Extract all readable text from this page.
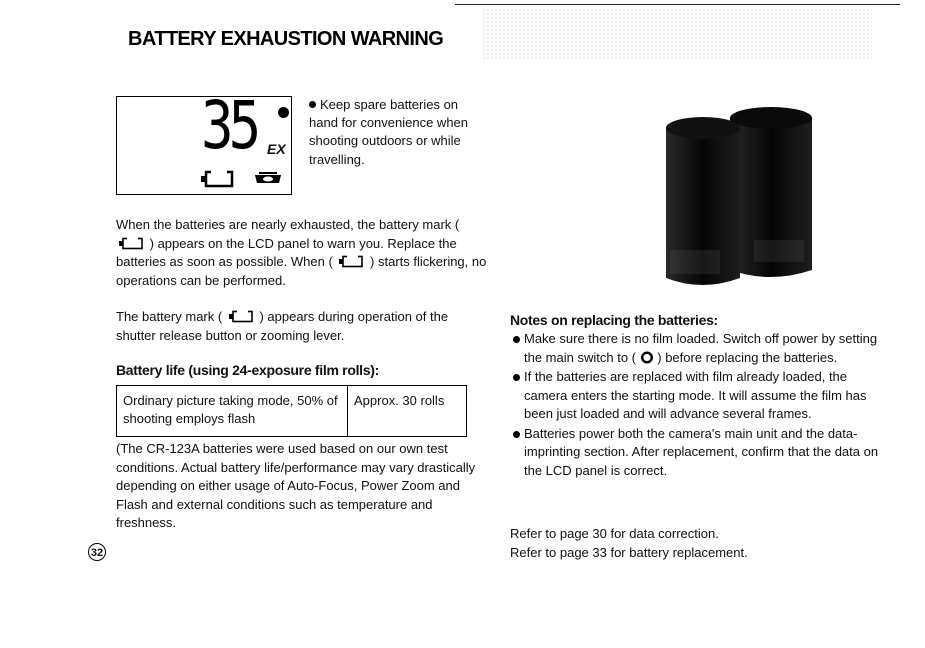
BATTERY EXHAUSTION WARNING
35 EX
Keep spare batteries on hand for convenience when shooting outdoors or while travelling.
When the batteries are nearly exhausted, the battery mark (  ) appears on the LCD panel to warn you. Replace the batteries as soon as possible. When (	) starts flickering, no operations can be performed.
The battery mark (	) appears during operation of the shutter release button or zooming lever.
Battery life (using 24-exposure film rolls):
Ordinary picture taking mode, 50% of shooting employs flash	Approx. 30 rolls
(The CR-123A batteries were used based on our own test conditions. Actual battery life/performance may vary drastically depending on either usage of Auto-Focus, Power Zoom and Flash and external conditions such as temperature and freshness.
32
Notes on replacing the batteries:
Make sure there is no film loaded. Switch off power by setting the main switch to ( ) before replacing the batteries.
If the batteries are replaced with film already loaded, the camera enters the starting mode. It will assume the film has been just loaded and will advance several frames.
Batteries power both the camera's main unit and the data-imprinting section. After replacement, confirm that the data on the LCD panel is correct.
Refer to page 30 for data correction.
Refer to page 33 for battery replacement.
